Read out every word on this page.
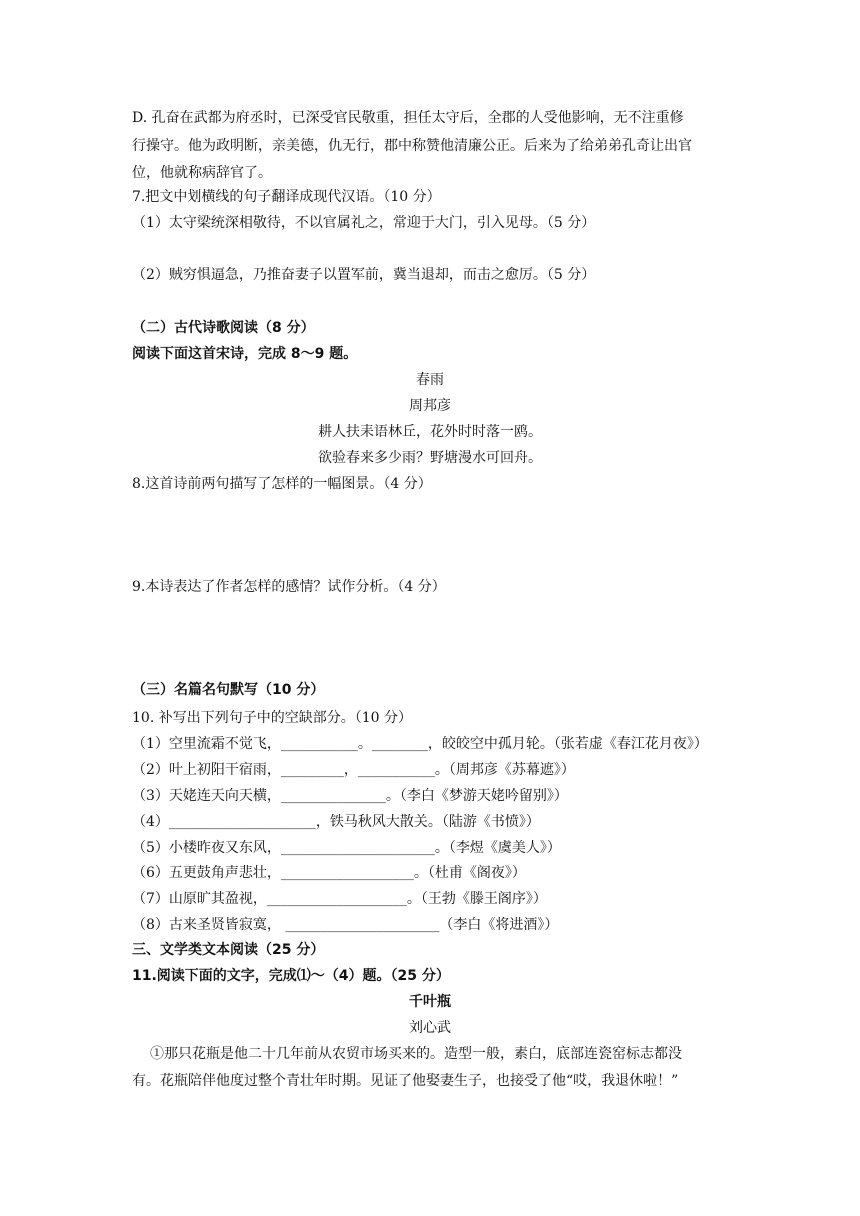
D. 孔奋在武都为府丞时，已深受官民敬重，担任太守后，全郡的人受他影响，无不注重修
行操守。他为政明断，亲美德，仇无行，郡中称赞他清廉公正。后来为了给弟弟孔奇让出官
位，他就称病辞官了。
7.把文中划横线的句子翻译成现代汉语。（10 分）
（1）太守梁统深相敬待，不以官属礼之，常迎于大门，引入见母。（5 分）
（2）贼穷惧逼急，乃推奋妻子以置军前，冀当退却，而击之愈厉。（5 分）
（二）古代诗歌阅读（8 分）
阅读下面这首宋诗，完成 8～9 题。
春雨
周邦彦
耕人扶耒语林丘，花外时时落一鸥。
欲验春来多少雨？野塘漫水可回舟。
8.这首诗前两句描写了怎样的一幅图景。（4 分）
9.本诗表达了作者怎样的感情？试作分析。（4 分）
（三）名篇名句默写（10 分）
10. 补写出下列句子中的空缺部分。（10 分）
（1）空里流霜不觉飞，___________。________，皎皎空中孤月轮。（张若虚《春江花月夜》）
（2）叶上初阳干宿雨，_________，___________。（周邦彦《苏幕遮》）
（3）天姥连天向天横，_______________。（李白《梦游天姥吟留别》）
（4）_____________________，铁马秋风大散关。（陆游《书愤》）
（5）小楼昨夜又东风，______________________。（李煜《虞美人》）
（6）五更鼓角声悲壮，___________________。（杜甫《阁夜》）
（7）山原旷其盈视，____________________。（王勃《滕王阁序》）
（8）古来圣贤皆寂寞， ______________________（李白《将进酒》）
三、文学类文本阅读（25 分）
11.阅读下面的文字，完成⑴～（4）题。（25 分）
千叶瓶
刘心武
①那只花瓶是他二十几年前从农贸市场买来的。造型一般，素白，底部连瓷窑标志都没
有。花瓶陪伴他度过整个青壮年时期。见证了他娶妻生子，也接受了他“哎，我退休啦！”
